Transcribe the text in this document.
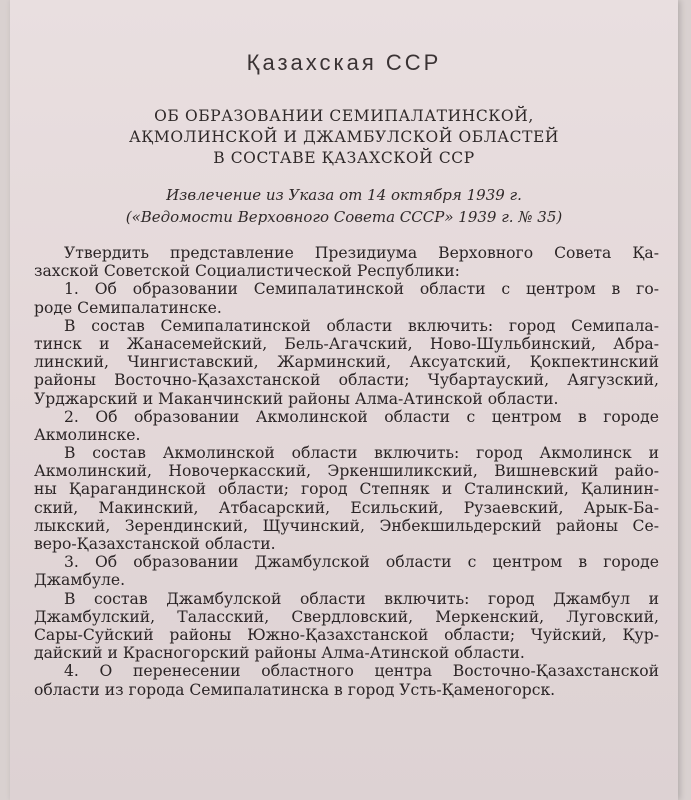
Қазахская ССР
ОБ ОБРАЗОВАНИИ СЕМИПАЛАТИНСКОЙ,
АҚМОЛИНСКОЙ И ДЖАМБУЛСКОЙ ОБЛАСТЕЙ
В СОСТАВЕ ҚАЗАХСКОЙ ССР
Извлечение из Указа от 14 октября 1939 г.
(«Ведомости Верховного Совета СССР» 1939 г. № 35)
Утвердить представление Президиума Верховного Совета Қа-
захской Советской Социалистической Республики:
1. Об образовании Семипалатинской области с центром в го-
роде Семипалатинске.
В состав Семипалатинской области включить: город Семипала-
тинск и Жанасемейский, Бель-Агачский, Ново-Шульбинский, Абра-
линский, Чингиставский, Жарминский, Аксуатский, Қокпектинский
районы Восточно-Қазахстанской области; Чубартауский, Аягузский,
Урджарский и Маканчинский районы Алма-Атинской области.
2. Об образовании Акмолинской области с центром в городе
Акмолинске.
В состав Акмолинской области включить: город Акмолинск и
Акмолинский, Новочеркасский, Эркеншиликский, Вишневский райо-
ны Қарагандинской области; город Степняк и Сталинский, Қалинин-
ский, Макинский, Атбасарский, Есильский, Рузаевский, Арык-Ба-
лыкский, Зерендинский, Щучинский, Энбекшильдерский районы Се-
веро-Қазахстанской области.
3. Об образовании Джамбулской области с центром в городе
Джамбуле.
В состав Джамбулской области включить: город Джамбул и
Джамбулский, Таласский, Свердловский, Меркенский, Луговский,
Сары-Суйский районы Южно-Қазахстанской области; Чуйский, Қур-
дайский и Красногорский районы Алма-Атинской области.
4. О перенесении областного центра Восточно-Қазахстанской
области из города Семипалатинска в город Усть-Қаменогорск.
